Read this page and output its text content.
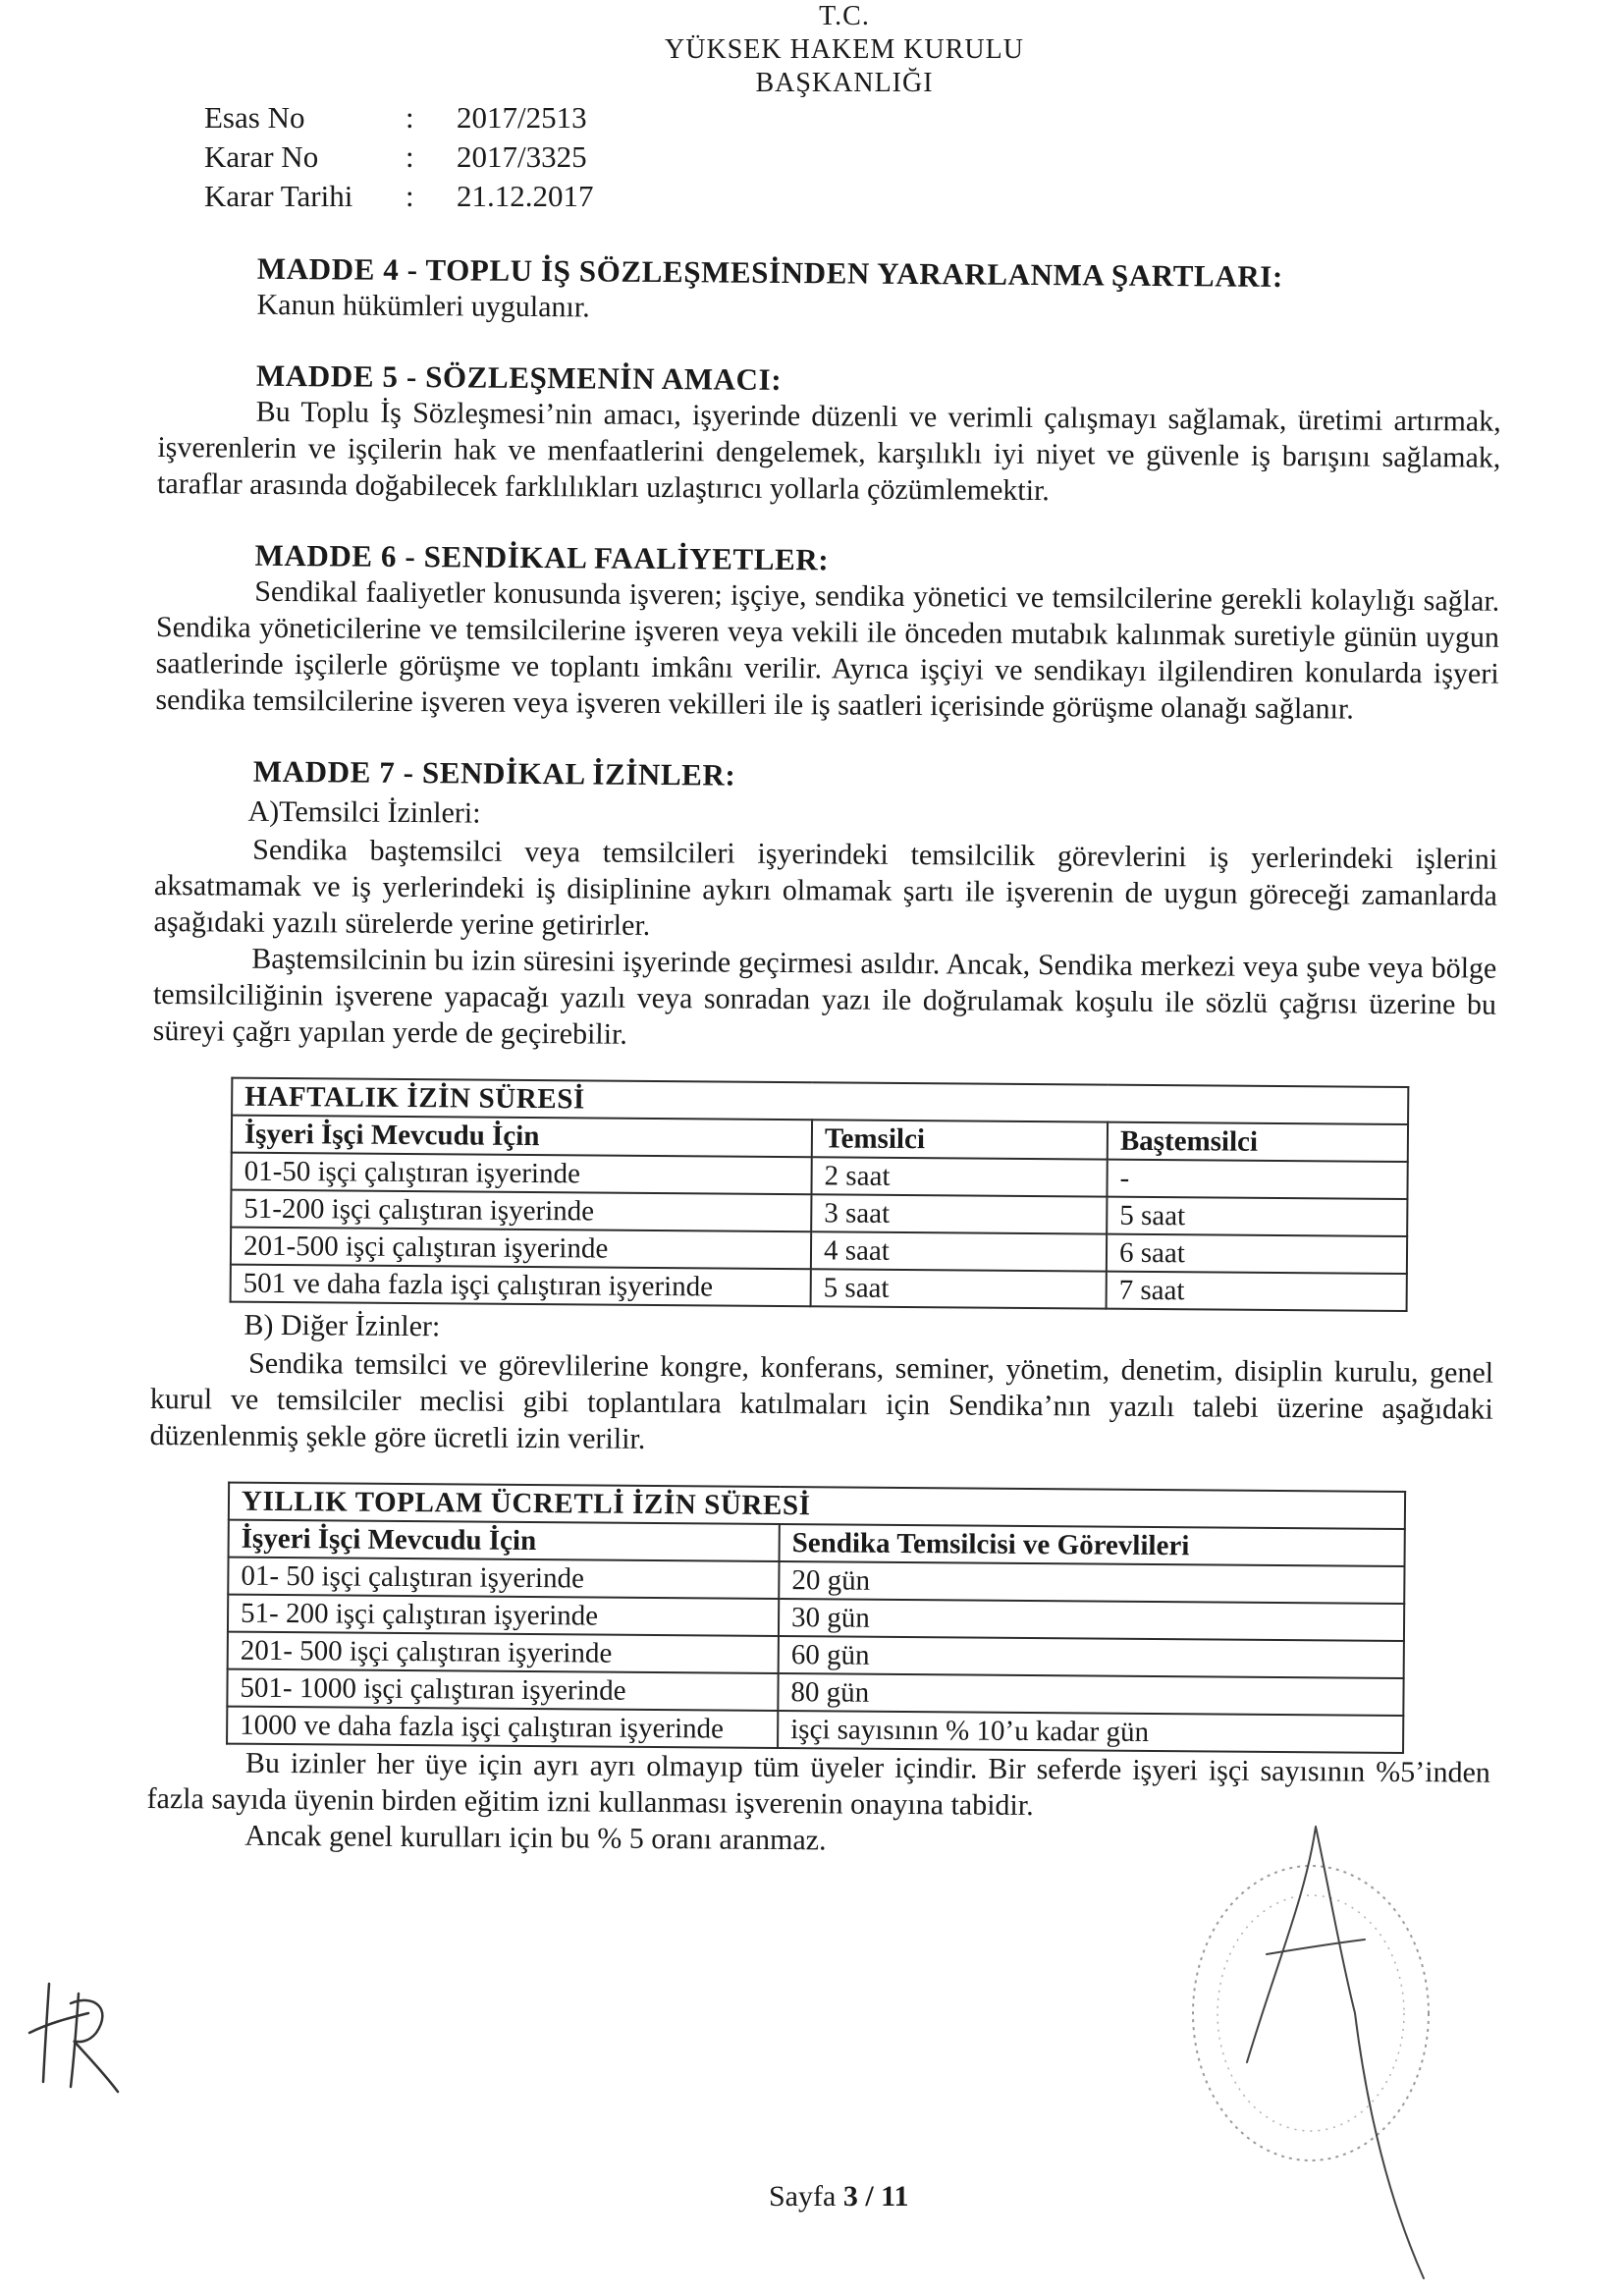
T.C.
YÜKSEK HAKEM KURULU
BAŞKANLIĞI
Esas No	:	2017/2513
Karar No	:	2017/3325
Karar Tarihi	:	21.12.2017

MADDE 4 - TOPLU İŞ SÖZLEŞMESİNDEN YARARLANMA ŞARTLARI:

Kanun hükümleri uygulanır.

MADDE 5 - SÖZLEŞMENİN AMACI:

Bu Toplu İş Sözleşmesi’nin amacı, işyerinde düzenli ve verimli çalışmayı sağlamak, üretimi artırmak, işverenlerin ve işçilerin hak ve menfaatlerini dengelemek, karşılıklı iyi niyet ve güvenle iş barışını sağlamak, taraflar arasında doğabilecek farklılıkları uzlaştırıcı yollarla çözümlemektir.

MADDE 6 - SENDİKAL FAALİYETLER:

Sendikal faaliyetler konusunda işveren; işçiye, sendika yönetici ve temsilcilerine gerekli kolaylığı sağlar. Sendika yöneticilerine ve temsilcilerine işveren veya vekili ile önceden mutabık kalınmak suretiyle günün uygun saatlerinde işçilerle görüşme ve toplantı imkânı verilir. Ayrıca işçiyi ve sendikayı ilgilendiren konularda işyeri sendika temsilcilerine işveren veya işveren vekilleri ile iş saatleri içerisinde görüşme olanağı sağlanır.

MADDE 7 - SENDİKAL İZİNLER:

A)Temsilci İzinleri:

Sendika baştemsilci veya temsilcileri işyerindeki temsilcilik görevlerini iş yerlerindeki işlerini aksatmamak ve iş yerlerindeki iş disiplinine aykırı olmamak şartı ile işverenin de uygun göreceği zamanlarda aşağıdaki yazılı sürelerde yerine getirirler.

Baştemsilcinin bu izin süresini işyerinde geçirmesi asıldır. Ancak, Sendika merkezi veya şube veya bölge temsilciliğinin işverene yapacağı yazılı veya sonradan yazı ile doğrulamak koşulu ile sözlü çağrısı üzerine bu süreyi çağrı yapılan yerde de geçirebilir.

HAFTALIK İZİN SÜRESİ		
İşyeri İşçi Mevcudu İçin	Temsilci	Baştemsilci
01-50 işçi çalıştıran işyerinde	2 saat	-
51-200 işçi çalıştıran işyerinde	3 saat	5 saat
201-500 işçi çalıştıran işyerinde	4 saat	6 saat
501 ve daha fazla işçi çalıştıran işyerinde	5 saat	7 saat

B) Diğer İzinler:

Sendika temsilci ve görevlilerine kongre, konferans, seminer, yönetim, denetim, disiplin kurulu, genel kurul ve temsilciler meclisi gibi toplantılara katılmaları için Sendika’nın yazılı talebi üzerine aşağıdaki düzenlenmiş şekle göre ücretli izin verilir.

YILLIK TOPLAM ÜCRETLİ İZİN SÜRESİ	
İşyeri İşçi Mevcudu İçin	Sendika Temsilcisi ve Görevlileri
01- 50 işçi çalıştıran işyerinde	20 gün
51- 200 işçi çalıştıran işyerinde	30 gün
201- 500 işçi çalıştıran işyerinde	60 gün
501- 1000 işçi çalıştıran işyerinde	80 gün
1000 ve daha fazla işçi çalıştıran işyerinde	işçi sayısının % 10’u kadar gün

Bu izinler her üye için ayrı ayrı olmayıp tüm üyeler içindir. Bir seferde işyeri işçi sayısının %5’inden fazla sayıda üyenin birden eğitim izni kullanması işverenin onayına tabidir.

Ancak genel kurulları için bu % 5 oranı aranmaz.

Sayfa 3 / 11
